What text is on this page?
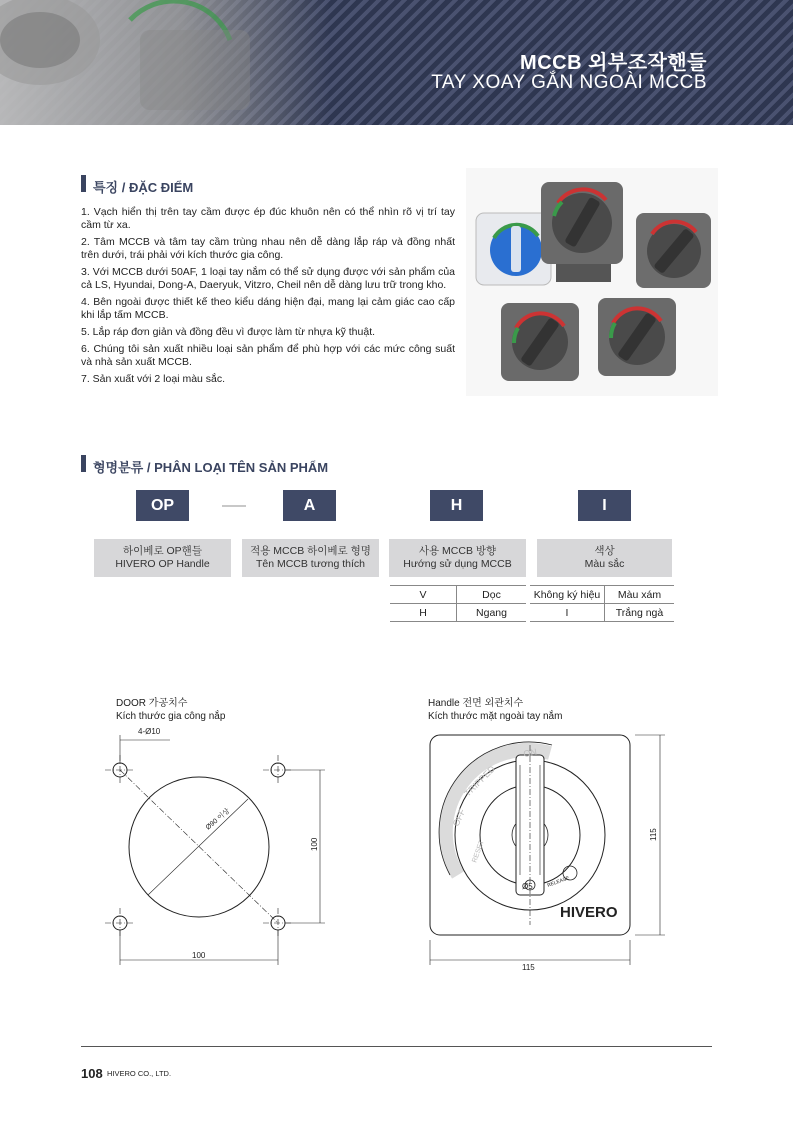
MCCB 외부조작핸들
TAY XOAY GẮN NGOÀI MCCB
특징 / ĐẶC ĐIỂM

1. Vạch hiển thị trên tay cầm được ép đúc khuôn nên có thể nhìn rõ vị trí tay cầm từ xa.

2. Tâm MCCB và tâm tay cầm trùng nhau nên dễ dàng lắp ráp và đồng nhất trên dưới, trái phải với kích thước gia công.

3. Với MCCB dưới 50AF, 1 loại tay nắm có thể sử dụng được với sản phẩm của cả LS, Hyundai, Dong-A, Daeryuk, Vitzro, Cheil nên dễ dàng lưu trữ trong kho.

4. Bên ngoài được thiết kế theo kiểu dáng hiện đại, mang lại cảm giác cao cấp khi lắp tấm MCCB.

5. Lắp ráp đơn giản và đồng đều vì được làm từ nhựa kỹ thuật.

6. Chúng tôi sản xuất nhiều loại sản phẩm để phù hợp với các mức công suất và nhà sản xuất MCCB.

7. Sản xuất với 2 loại màu sắc.

형명분류 / PHÂN LOẠI TÊN SẢN PHẨM
OP	A	H	I
하이베로 OP핸들
HIVERO OP Handle
적용 MCCB 하이베로 형명
Tên MCCB tương thích
사용 MCCB 방향
Hướng sử dụng MCCB
색상
Màu sắc
V	Dọc
H	Ngang
Không ký hiệu	Màu xám
I	Trắng ngà
DOOR 가공치수
Kích thước gia công nắp
4-Ø10
Ø90 이상
100
100
Handle 전면 외관치수
Kích thước mặt ngoài tay nắm
RESET
OFF
TRIPPED
ON
Ø5	RELEASE
HIVERO
115
115
108 HIVERO CO., LTD.
